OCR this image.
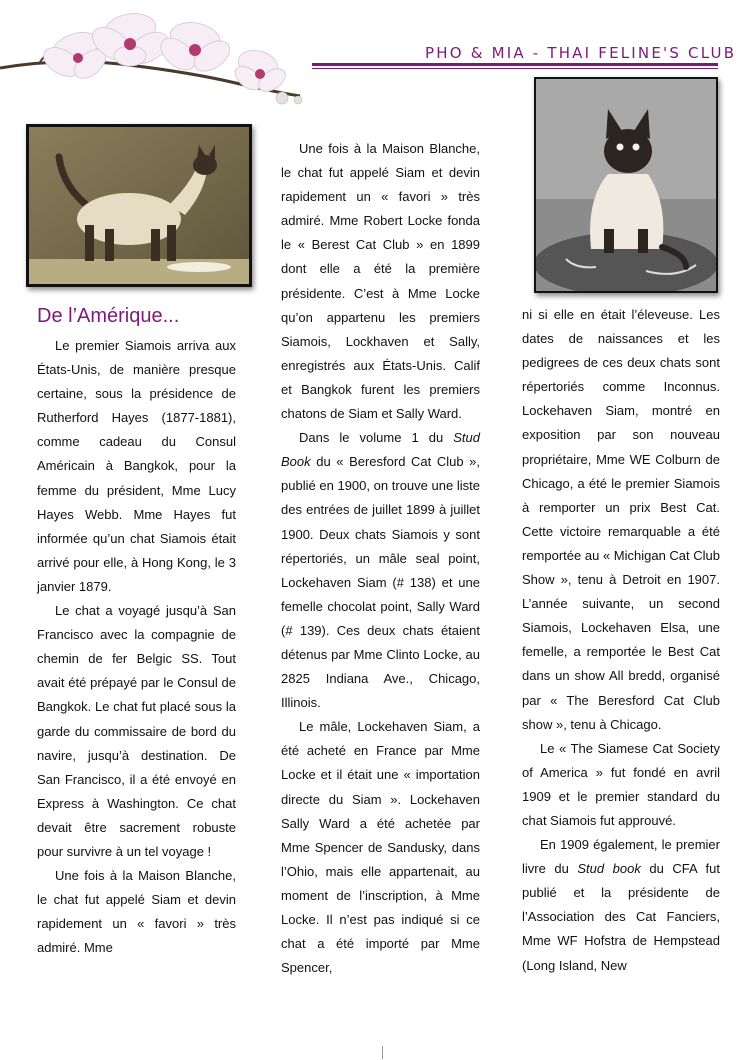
PHO & MIA - THAI FELINE'S CLUB
De l’Amérique...

Le premier Siamois arriva aux États-Unis, de manière presque certaine, sous la présidence de Rutherford Hayes (1877-1881), comme cadeau du Consul Américain à Bangkok, pour la femme du président, Mme Lucy Hayes Webb. Mme Hayes fut informée qu’un chat Siamois était arrivé pour elle, à Hong Kong, le 3 janvier 1879.

Le chat a voyagé jusqu’à San Francisco avec la compagnie de chemin de fer Belgic SS. Tout avait été prépayé par le Consul de Bangkok. Le chat fut placé sous la garde du commissaire de bord du navire, jusqu’à destination. De San Francisco, il a été envoyé en Express à Washington. Ce chat devait être sacrement robuste pour survivre à un tel voyage !

Une fois à la Maison Blanche, le chat fut appelé Siam et devin rapidement un « favori » très admiré. Mme

Une fois à la Maison Blanche, le chat fut appelé Siam et devin rapidement un « favori » très admiré. Mme Robert Locke fonda le « Berest Cat Club » en 1899 dont elle a été la première présidente. C’est à Mme Locke qu’on appartenu les premiers Siamois, Lockhaven et Sally, enregistrés aux États-Unis. Calif et Bangkok furent les premiers chatons de Siam et Sally Ward.

Dans le volume 1 du Stud Book du « Beresford Cat Club », publié en 1900, on trouve une liste des entrées de juillet 1899 à juillet 1900. Deux chats Siamois y sont répertoriés, un mâle seal point, Lockehaven Siam (# 138) et une femelle chocolat point, Sally Ward (# 139). Ces deux chats étaient détenus par Mme Clinto Locke, au 2825 Indiana Ave., Chicago, Illinois.

Le mâle, Lockehaven Siam, a été acheté en France par Mme Locke et il était une « importation directe du Siam ». Lockehaven Sally Ward a été achetée par Mme Spencer de Sandusky, dans l’Ohio, mais elle appartenait, au moment de l’inscription, à Mme Locke. Il n’est pas indiqué si ce chat a été importé par Mme Spencer,

ni si elle en était l’éleveuse. Les dates de naissances et les pedigrees de ces deux chats sont répertoriés comme Inconnus. Lockehaven Siam, montré en exposition par son nouveau propriétaire, Mme WE Colburn de Chicago, a été le premier Siamois à remporter un prix Best Cat. Cette victoire remarquable a été remportée au « Michigan Cat Club Show », tenu à Detroit en 1907. L’année suivante, un second Siamois, Lockehaven Elsa, une femelle, a remportée le Best Cat dans un show All bredd, organisé par « The Beresford Cat Club show », tenu à Chicago.

Le « The Siamese Cat Society of America » fut fondé en avril 1909 et le premier standard du chat Siamois fut approuvé.

En 1909 également, le premier livre du Stud book du CFA fut publié et la présidente de l’Association des Cat Fanciers, Mme WF Hofstra de Hempstead (Long Island, New
